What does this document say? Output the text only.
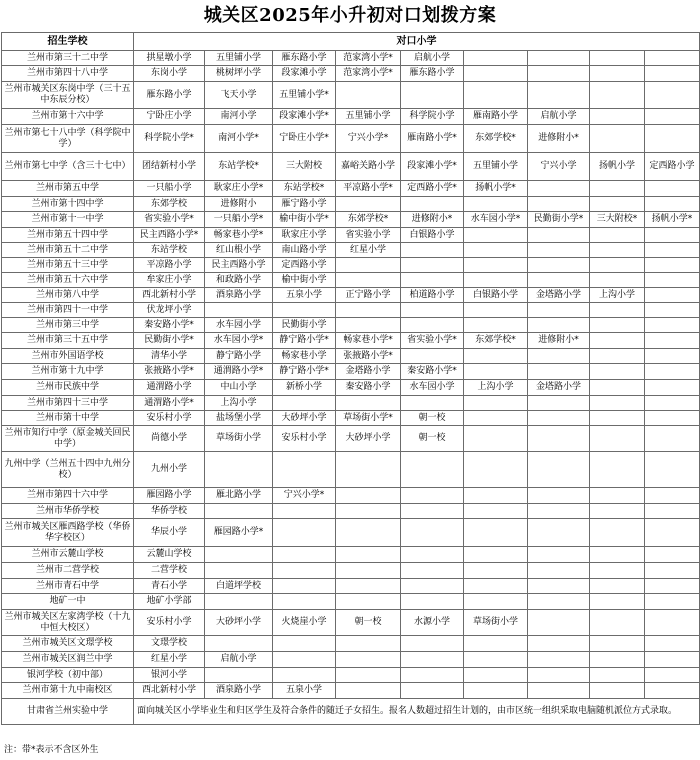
城关区2025年小升初对口划拨方案
招生学校	对口小学								
兰州市第三十二中学	拱星墩小学	五里铺小学	雁东路小学	范家湾小学*	启航小学				
兰州市第四十八中学	东岗小学	桃树坪小学	段家滩小学	范家湾小学*	雁东路小学				
兰州市城关区东岗中学（三十五中东辰分校）	雁东路小学	飞天小学	五里铺小学*						
兰州市第十六中学	宁卧庄小学	南河小学	段家滩小学*	五里铺小学	科学院小学	雁南路小学	启航小学		
兰州市第七十八中学（科学院中学）	科学院小学*	南河小学*	宁卧庄小学*	宁兴小学*	雁南路小学*	东郊学校*	进修附小*		
兰州市第七中学（含三十七中）	团结新村小学	东站学校*	三大附校	嘉峪关路小学	段家滩小学*	五里铺小学	宁兴小学	扬帆小学	定西路小学
兰州市第五中学	一只船小学	耿家庄小学*	东站学校*	平凉路小学*	定西路小学*	扬帆小学*			
兰州市第十四中学	东郊学校	进修附小	雁宁路小学						
兰州市第十一中学	省实验小学*	一只船小学*	榆中街小学*	东郊学校*	进修附小*	水车园小学*	民勤街小学*	三大附校*	扬帆小学*
兰州市第五十四中学	民主西路小学*	畅家巷小学*	耿家庄小学	省实验小学	白银路小学				
兰州市第五十二中学	东站学校	红山根小学	南山路小学	红星小学					
兰州市第五十三中学	平凉路小学	民主西路小学	定西路小学						
兰州市第五十六中学	牟家庄小学	和政路小学	榆中街小学						
兰州市第八中学	西北新村小学	酒泉路小学	五泉小学	正宁路小学	柏道路小学	白银路小学	金塔路小学	上沟小学	
兰州市第四十一中学	伏龙坪小学								
兰州市第三中学	秦安路小学*	水车园小学	民勤街小学						
兰州市第三十五中学	民勤街小学*	水车园小学*	静宁路小学*	畅家巷小学*	省实验小学*	东郊学校*	进修附小*		
兰州市外国语学校	清华小学	静宁路小学	畅家巷小学	张掖路小学*					
兰州市第十九中学	张掖路小学*	通渭路小学*	静宁路小学*	金塔路小学	秦安路小学*				
兰州市民族中学	通渭路小学	中山小学	新桥小学	秦安路小学	水车园小学	上沟小学	金塔路小学		
兰州市第四十三中学	通渭路小学*	上沟小学							
兰州市第十中学	安乐村小学	盐场堡小学	大砂坪小学	草场街小学*	朝一校				
兰州市知行中学（原金城关回民中学）	尚德小学	草场街小学	安乐村小学	大砂坪小学	朝一校				
九州中学（兰州五十四中九州分校）	九州小学								
兰州市第四十六中学	雁园路小学	雁北路小学	宁兴小学*						
兰州市华侨学校	华侨学校								
兰州市城关区雁西路学校（华侨华字校区）	华辰小学	雁园路小学*							
兰州市云麓山学校	云麓山学校								
兰州市二营学校	二营学校								
兰州市青石中学	青石小学	白道坪学校							
地矿一中	地矿小学部								
兰州市城关区左家湾学校（十九中恒大校区）	安乐村小学	大砂坪小学	火烧崖小学	朝一校	水源小学	草场街小学			
兰州市城关区文璟学校	文璟学校								
兰州市城关区润兰中学	红星小学	启航小学							
银河学校（初中部）	银河小学								
兰州市第十九中南校区	西北新村小学	酒泉路小学	五泉小学						
甘肃省兰州实验中学	面向城关区小学毕业生和归区学生及符合条件的随迁子女招生。报名人数超过招生计划的，由市区统一组织采取电脑随机派位方式录取。								
注：带*表示不含区外生
